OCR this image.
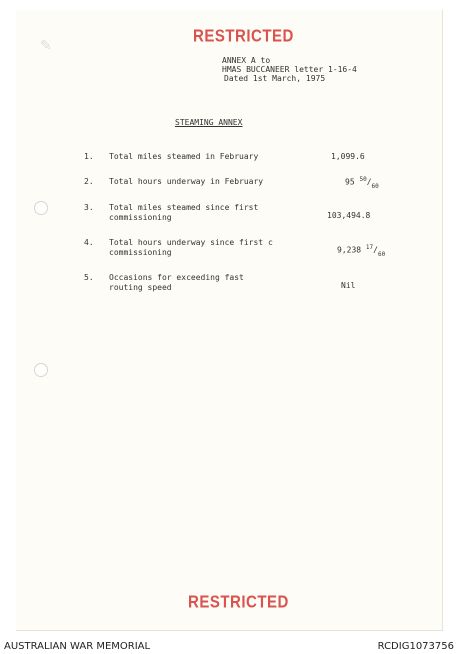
✎	RESTRICTED
ANNEX A to
HMAS BUCCANEER letter 1-16-4
Dated 1st March, 1975
STEAMING ANNEX
1. Total miles steamed in February	1,099.6
2. Total hours underway in February	95 $^{50}/_{60}$
3. Total miles steamed since first
commissioning	103,494.8
4. Total hours underway since first c
commissioning	9,238 $^{17}/_{60}$
5. Occasions for exceeding fast
routing speed	Nil
RESTRICTED
AUSTRALIAN WAR MEMORIAL	RCDIG1073756
